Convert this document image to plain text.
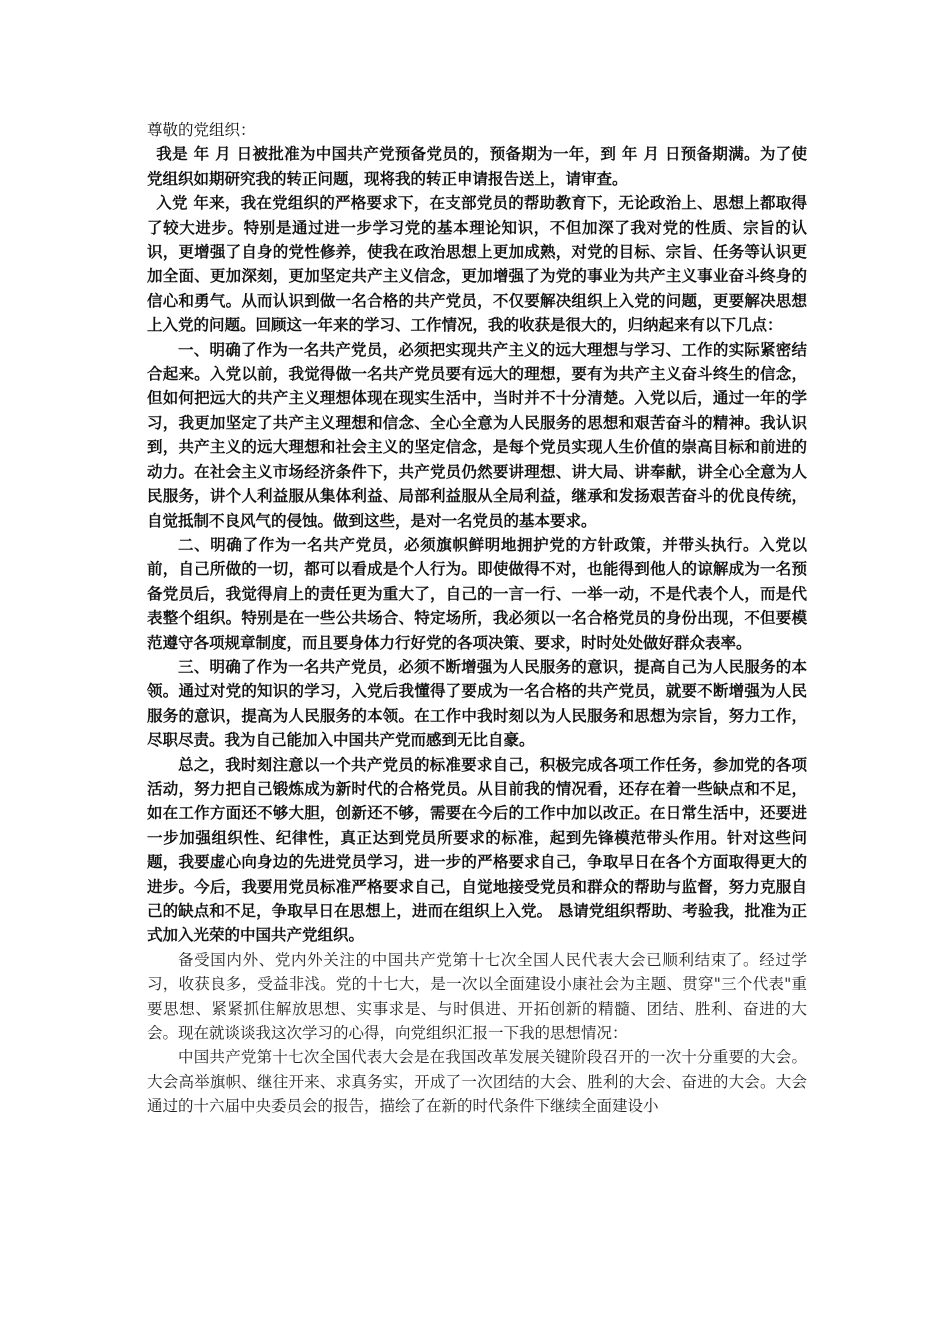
尊敬的党组织：

我是 年 月 日被批准为中国共产党预备党员的，预备期为一年，到 年 月 日预备期满。为了使党组织如期研究我的转正问题，现将我的转正申请报告送上，请审查。

入党 年来，我在党组织的严格要求下，在支部党员的帮助教育下，无论政治上、思想上都取得了较大进步。特别是通过进一步学习党的基本理论知识，不但加深了我对党的性质、宗旨的认识，更增强了自身的党性修养，使我在政治思想上更加成熟，对党的目标、宗旨、任务等认识更加全面、更加深刻，更加坚定共产主义信念，更加增强了为党的事业为共产主义事业奋斗终身的信心和勇气。从而认识到做一名合格的共产党员，不仅要解决组织上入党的问题，更要解决思想上入党的问题。回顾这一年来的学习、工作情况，我的收获是很大的，归纳起来有以下几点：

一、明确了作为一名共产党员，必须把实现共产主义的远大理想与学习、工作的实际紧密结合起来。入党以前，我觉得做一名共产党员要有远大的理想，要有为共产主义奋斗终生的信念，但如何把远大的共产主义理想体现在现实生活中，当时并不十分清楚。入党以后，通过一年的学习，我更加坚定了共产主义理想和信念、全心全意为人民服务的思想和艰苦奋斗的精神。我认识到，共产主义的远大理想和社会主义的坚定信念，是每个党员实现人生价值的崇高目标和前进的动力。在社会主义市场经济条件下，共产党员仍然要讲理想、讲大局、讲奉献，讲全心全意为人民服务，讲个人利益服从集体利益、局部利益服从全局利益，继承和发扬艰苦奋斗的优良传统，自觉抵制不良风气的侵蚀。做到这些，是对一名党员的基本要求。

二、明确了作为一名共产党员，必须旗帜鲜明地拥护党的方针政策，并带头执行。入党以前，自己所做的一切，都可以看成是个人行为。即使做得不对，也能得到他人的谅解成为一名预备党员后，我觉得肩上的责任更为重大了，自己的一言一行、一举一动，不是代表个人，而是代表整个组织。特别是在一些公共场合、特定场所，我必须以一名合格党员的身份出现，不但要模范遵守各项规章制度，而且要身体力行好党的各项决策、要求，时时处处做好群众表率。

三、明确了作为一名共产党员，必须不断增强为人民服务的意识，提高自己为人民服务的本领。通过对党的知识的学习，入党后我懂得了要成为一名合格的共产党员，就要不断增强为人民服务的意识，提高为人民服务的本领。在工作中我时刻以为人民服务和思想为宗旨，努力工作，尽职尽责。我为自己能加入中国共产党而感到无比自豪。

总之，我时刻注意以一个共产党员的标准要求自己，积极完成各项工作任务，参加党的各项活动，努力把自己锻炼成为新时代的合格党员。从目前我的情况看，还存在着一些缺点和不足，如在工作方面还不够大胆，创新还不够，需要在今后的工作中加以改正。在日常生活中，还要进一步加强组织性、纪律性，真正达到党员所要求的标准，起到先锋模范带头作用。针对这些问题，我要虚心向身边的先进党员学习，进一步的严格要求自己，争取早日在各个方面取得更大的进步。今后，我要用党员标准严格要求自己，自觉地接受党员和群众的帮助与监督，努力克服自己的缺点和不足，争取早日在思想上，进而在组织上入党。 恳请党组织帮助、考验我，批准为正式加入光荣的中国共产党组织。

备受国内外、党内外关注的中国共产党第十七次全国人民代表大会已顺利结束了。经过学习，收获良多，受益非浅。党的十七大，是一次以全面建设小康社会为主题、贯穿"三个代表"重要思想、紧紧抓住解放思想、实事求是、与时俱进、开拓创新的精髓、团结、胜利、奋进的大会。现在就谈谈我这次学习的心得，向党组织汇报一下我的思想情况：

中国共产党第十七次全国代表大会是在我国改革发展关键阶段召开的一次十分重要的大会。大会高举旗帜、继往开来、求真务实，开成了一次团结的大会、胜利的大会、奋进的大会。大会通过的十六届中央委员会的报告，描绘了在新的时代条件下继续全面建设小
